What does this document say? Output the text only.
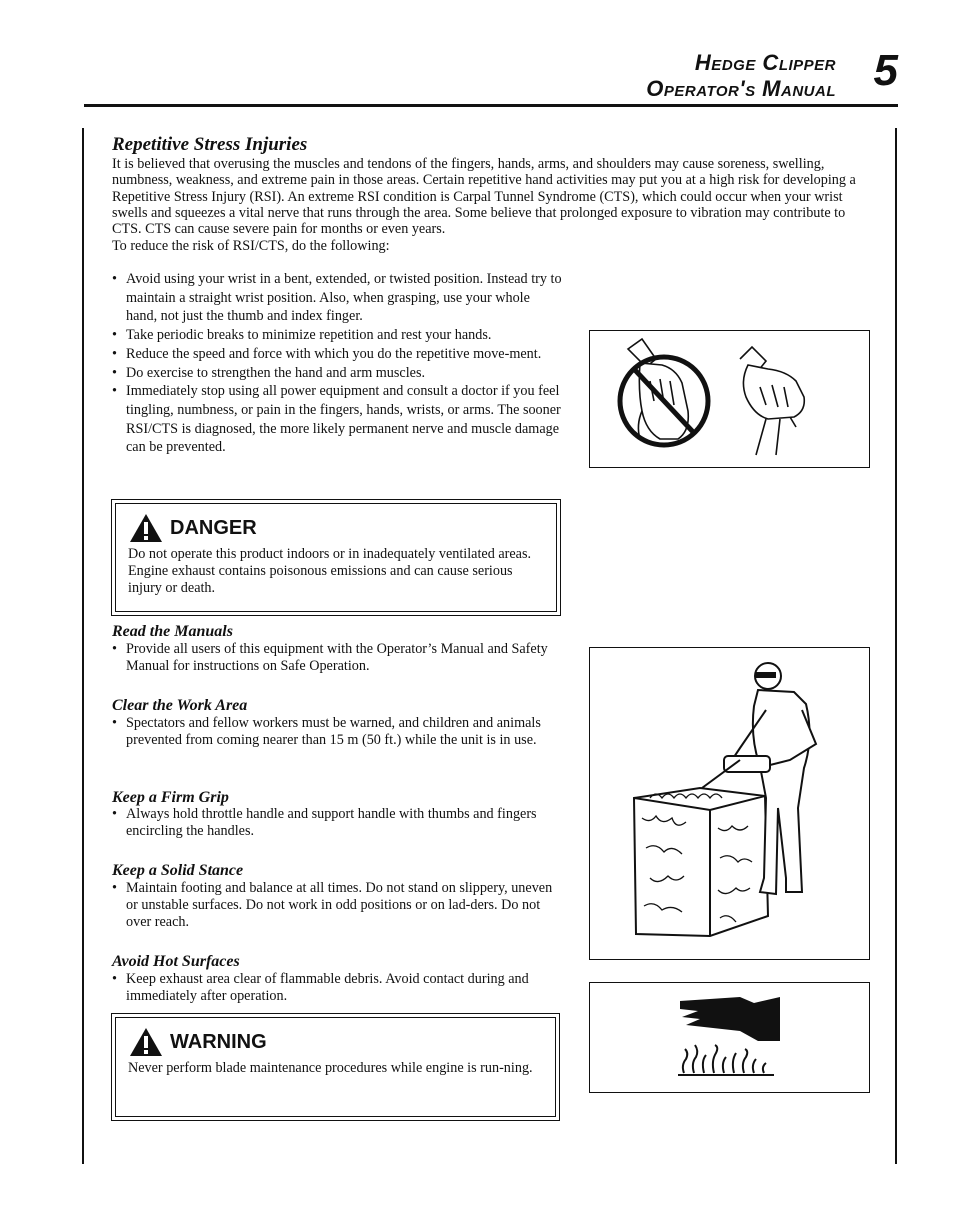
Hedge Clipper
Operator's Manual 5
Repetitive Stress Injuries
It is believed that overusing the muscles and tendons of the fingers, hands, arms, and shoulders may cause soreness, swelling, numbness, weakness, and extreme pain in those areas. Certain repetitive hand activities may put you at a high risk for developing a Repetitive Stress Injury (RSI). An extreme RSI condition is Carpal Tunnel Syndrome (CTS), which could occur when your wrist swells and squeezes a vital nerve that runs through the area. Some believe that prolonged exposure to vibration may contribute to CTS. CTS can cause severe pain for months or even years.
To reduce the risk of RSI/CTS, do the following:
• Avoid using your wrist in a bent, extended, or twisted position. Instead try to maintain a straight wrist position. Also, when grasping, use your whole hand, not just the thumb and index finger.
• Take periodic breaks to minimize repetition and rest your hands.
• Reduce the speed and force with which you do the repetitive move-ment.
• Do exercise to strengthen the hand and arm muscles.
• Immediately stop using all power equipment and consult a doctor if you feel tingling, numbness, or pain in the fingers, hands, wrists, or arms. The sooner RSI/CTS is diagnosed, the more likely permanent nerve and muscle damage can be prevented.
DANGER
Do not operate this product indoors or in inadequately ventilated areas. Engine exhaust contains poisonous emissions and can cause serious injury or death.
Read the Manuals
• Provide all users of this equipment with the Operator’s Manual and Safety Manual for instructions on Safe Operation.
Clear the Work Area
• Spectators and fellow workers must be warned, and children and animals prevented from coming nearer than 15 m (50 ft.) while the unit is in use.
Keep a Firm Grip
• Always hold throttle handle and support handle with thumbs and fingers encircling the handles.
Keep a Solid Stance
• Maintain footing and balance at all times. Do not stand on slippery, uneven or unstable surfaces. Do not work in odd positions or on lad-ders. Do not over reach.
Avoid Hot Surfaces
• Keep exhaust area clear of flammable debris. Avoid contact during and immediately after operation.
WARNING
Never perform blade maintenance procedures while engine is run-ning.
